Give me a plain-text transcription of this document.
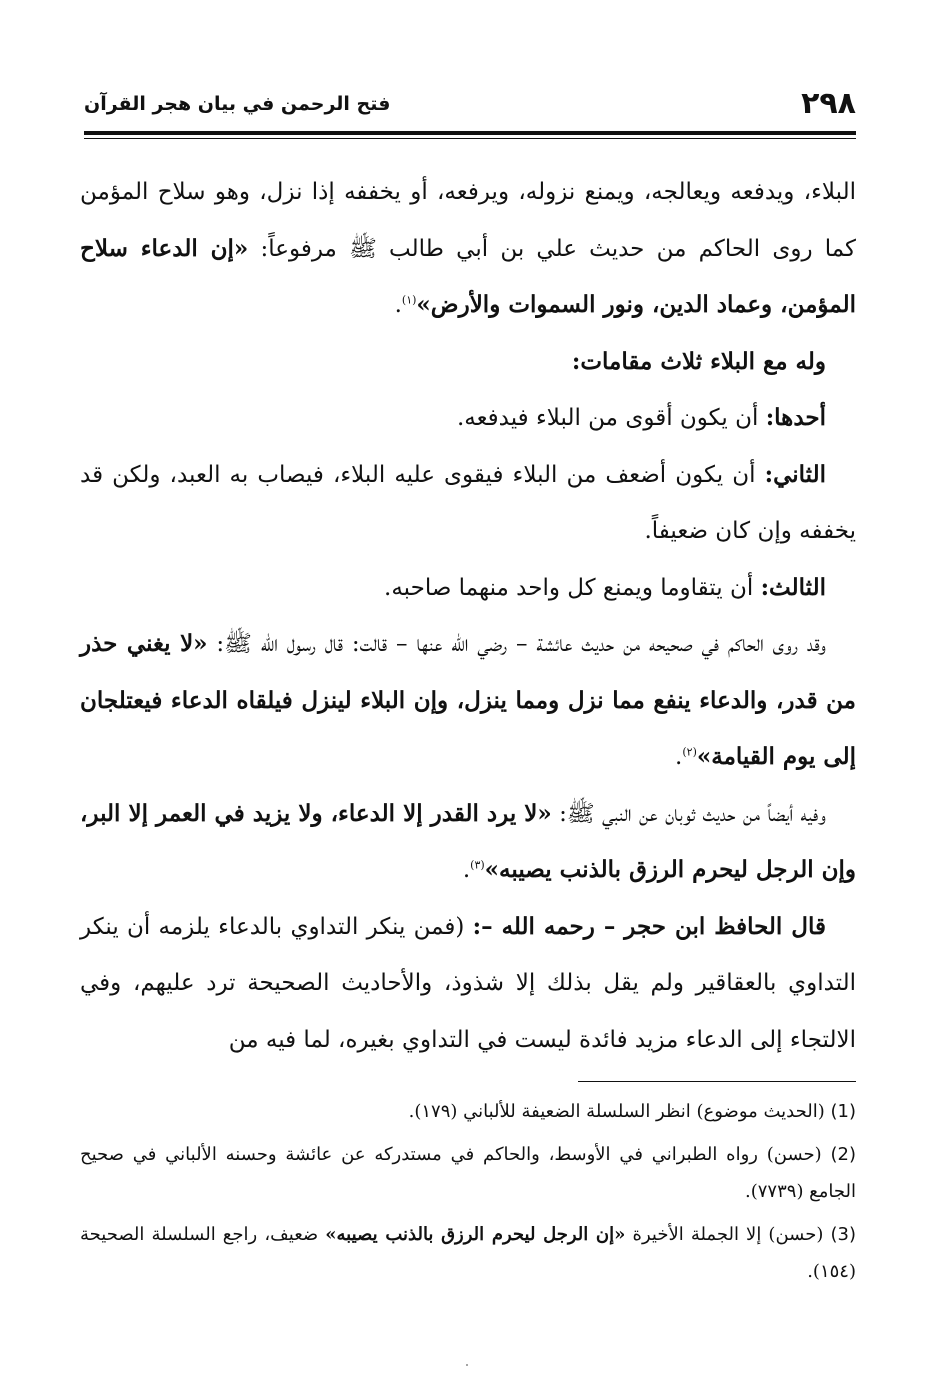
٢٩٨
فتح الرحمن في بيان هجر القرآن

البلاء، ويدفعه ويعالجه، ويمنع نزوله، ويرفعه، أو يخففه إذا نزل، وهو سلاح المؤمن كما روى الحاكم من حديث علي بن أبي طالب ﷺ مرفوعاً: «إن الدعاء سلاح المؤمن، وعماد الدين، ونور السموات والأرض»$^{(١)}$.

وله مع البلاء ثلاث مقامات:

أحدها: أن يكون أقوى من البلاء فيدفعه.

الثاني: أن يكون أضعف من البلاء فيقوى عليه البلاء، فيصاب به العبد، ولكن قد يخففه وإن كان ضعيفاً.

الثالث: أن يتقاوما ويمنع كل واحد منهما صاحبه.

وقد روى الحاكم في صحيحه من حديث عائشة – رضي الله عنها – قالت: قال رسول الله ﷺ: «لا يغني حذر من قدر، والدعاء ينفع مما نزل ومما ينزل، وإن البلاء لينزل فيلقاه الدعاء فيعتلجان إلى يوم القيامة»$^{(٢)}$.

وفيه أيضاً من حديث ثوبان عن النبي ﷺ: «لا يرد القدر إلا الدعاء، ولا يزيد في العمر إلا البر، وإن الرجل ليحرم الرزق بالذنب يصيبه»$^{(٣)}$.

قال الحافظ ابن حجر – رحمه الله –: (فمن ينكر التداوي بالدعاء يلزمه أن ينكر التداوي بالعقاقير ولم يقل بذلك إلا شذوذ، والأحاديث الصحيحة ترد عليهم، وفي الالتجاء إلى الدعاء مزيد فائدة ليست في التداوي بغيره، لما فيه من

(1) (الحديث موضوع) انظر السلسلة الضعيفة للألباني (١٧٩).

(2) (حسن) رواه الطبراني في الأوسط، والحاكم في مستدركه عن عائشة وحسنه الألباني في صحيح الجامع (٧٧٣٩).

(3) (حسن) إلا الجملة الأخيرة «إن الرجل ليحرم الرزق بالذنب يصيبه» ضعيف، راجع السلسلة الصحيحة (١٥٤).
